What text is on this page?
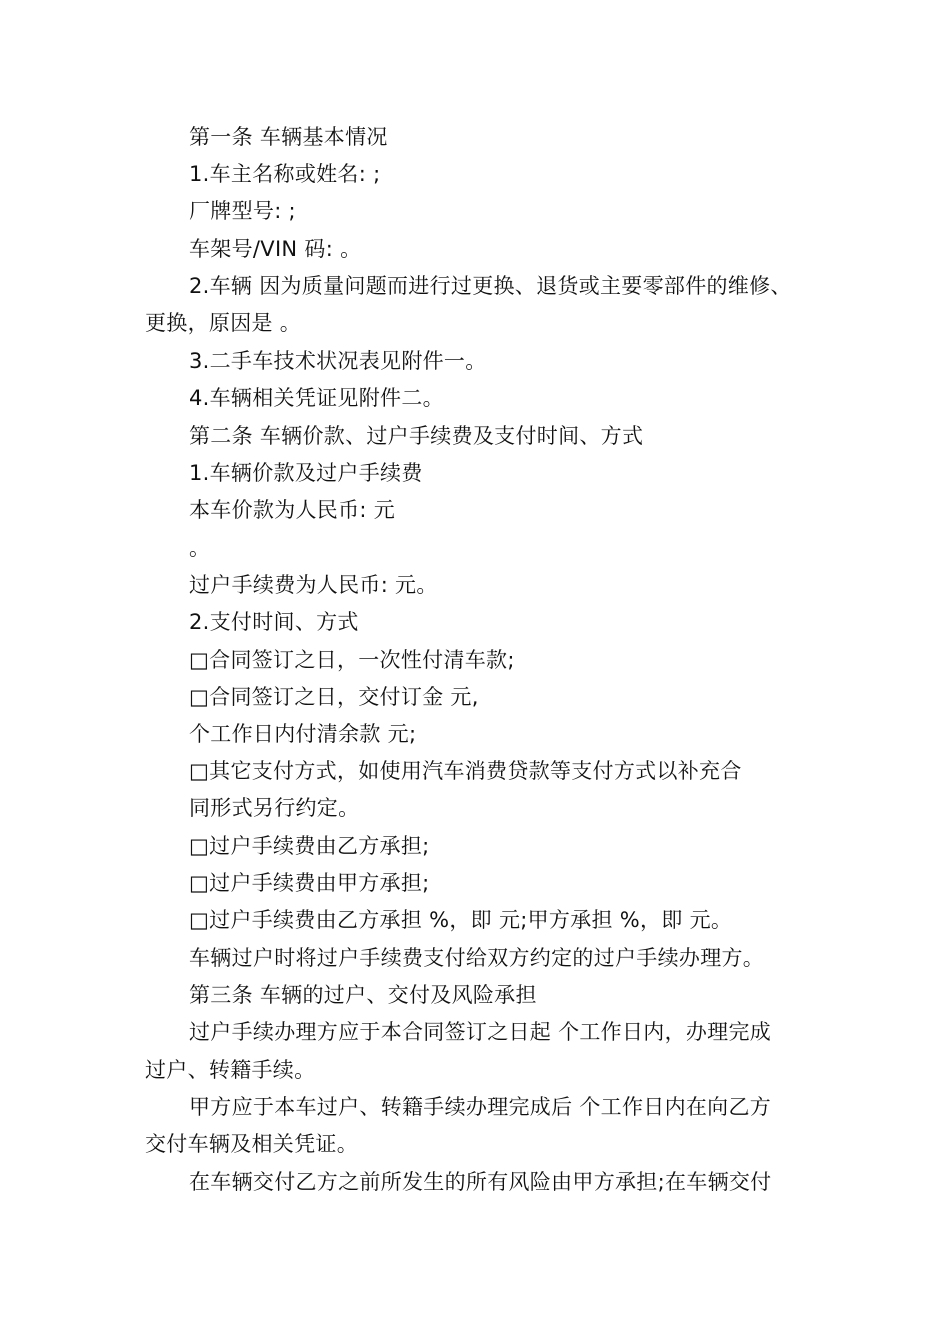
第一条 车辆基本情况
1.车主名称或姓名: ;
厂牌型号: ;
车架号/VIN 码: 。
2.车辆 因为质量问题而进行过更换、退货或主要零部件的维修、
更换，原因是 。
3.二手车技术状况表见附件一。
4.车辆相关凭证见附件二。
第二条 车辆价款、过户手续费及支付时间、方式
1.车辆价款及过户手续费
本车价款为人民币: 元
。
过户手续费为人民币: 元。
2.支付时间、方式
□合同签订之日，一次性付清车款;
□合同签订之日，交付订金 元,
个工作日内付清余款 元;
□其它支付方式，如使用汽车消费贷款等支付方式以补充合
同形式另行约定。
□过户手续费由乙方承担;
□过户手续费由甲方承担;
□过户手续费由乙方承担 %，即 元;甲方承担 %，即 元。
车辆过户时将过户手续费支付给双方约定的过户手续办理方。
第三条 车辆的过户、交付及风险承担
过户手续办理方应于本合同签订之日起 个工作日内，办理完成
过户、转籍手续。
甲方应于本车过户、转籍手续办理完成后 个工作日内在向乙方
交付车辆及相关凭证。
在车辆交付乙方之前所发生的所有风险由甲方承担;在车辆交付
